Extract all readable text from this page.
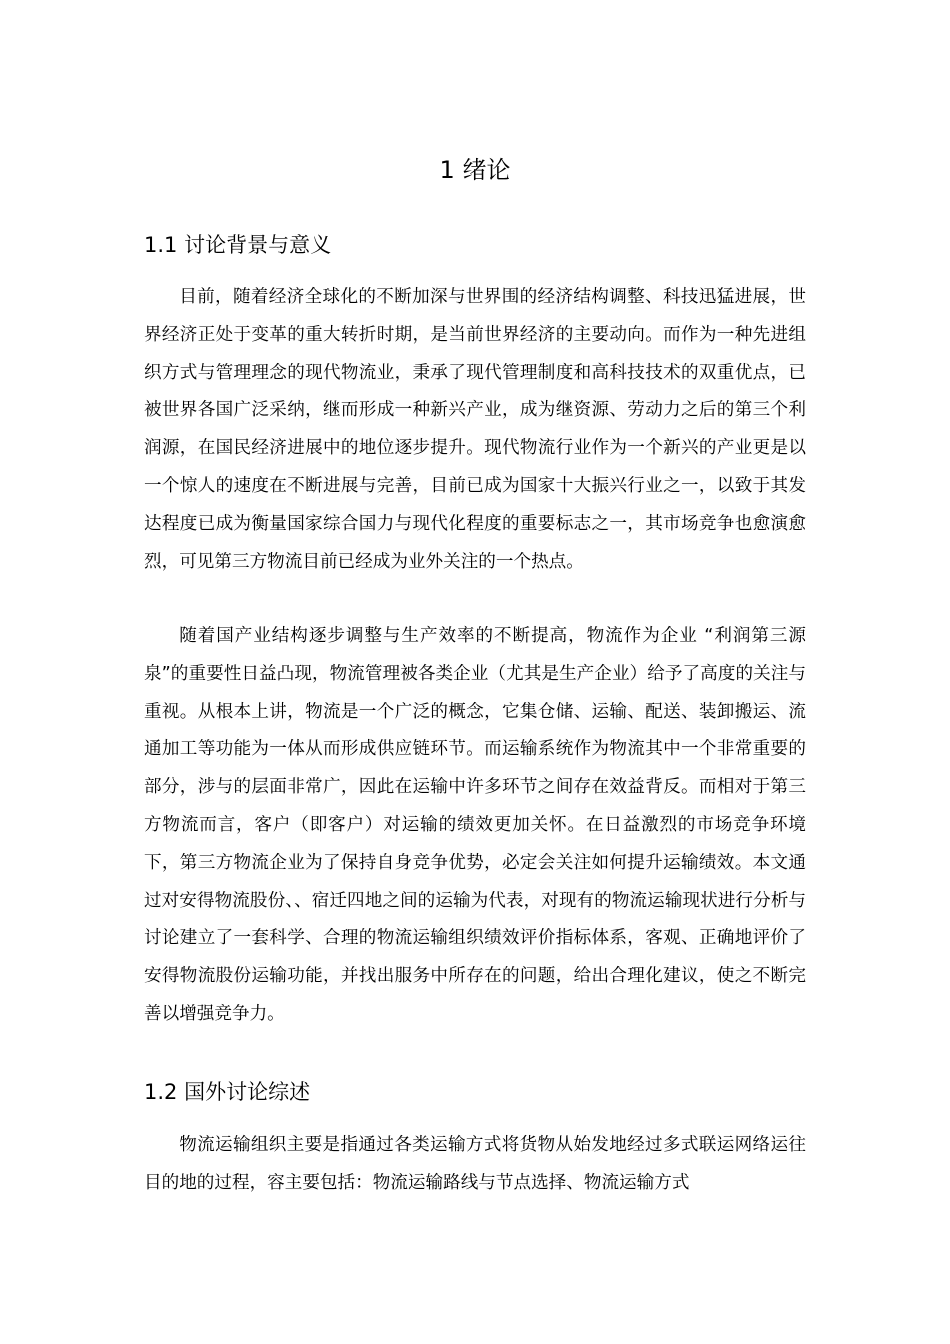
1 绪论
1.1 讨论背景与意义

目前，随着经济全球化的不断加深与世界围的经济结构调整、科技迅猛进展，世界经济正处于变革的重大转折时期，是当前世界经济的主要动向。而作为一种先进组织方式与管理理念的现代物流业，秉承了现代管理制度和高科技技术的双重优点，已被世界各国广泛采纳，继而形成一种新兴产业，成为继资源、劳动力之后的第三个利润源，在国民经济进展中的地位逐步提升。现代物流行业作为一个新兴的产业更是以一个惊人的速度在不断进展与完善，目前已成为国家十大振兴行业之一，以致于其发达程度已成为衡量国家综合国力与现代化程度的重要标志之一，其市场竞争也愈演愈烈，可见第三方物流目前已经成为业外关注的一个热点。

随着国产业结构逐步调整与生产效率的不断提高，物流作为企业 “利润第三源泉”的重要性日益凸现，物流管理被各类企业（尤其是生产企业）给予了高度的关注与重视。从根本上讲，物流是一个广泛的概念，它集仓储、运输、配送、装卸搬运、流通加工等功能为一体从而形成供应链环节。而运输系统作为物流其中一个非常重要的部分，涉与的层面非常广，因此在运输中许多环节之间存在效益背反。而相对于第三方物流而言，客户（即客户）对运输的绩效更加关怀。在日益激烈的市场竞争环境下，第三方物流企业为了保持自身竞争优势，必定会关注如何提升运输绩效。本文通过对安得物流股份、、宿迁四地之间的运输为代表，对现有的物流运输现状进行分析与讨论建立了一套科学、合理的物流运输组织绩效评价指标体系，客观、正确地评价了安得物流股份运输功能，并找出服务中所存在的问题，给出合理化建议，使之不断完善以增强竞争力。

1.2 国外讨论综述

物流运输组织主要是指通过各类运输方式将货物从始发地经过多式联运网络运往目的地的过程，容主要包括：物流运输路线与节点选择、物流运输方式
